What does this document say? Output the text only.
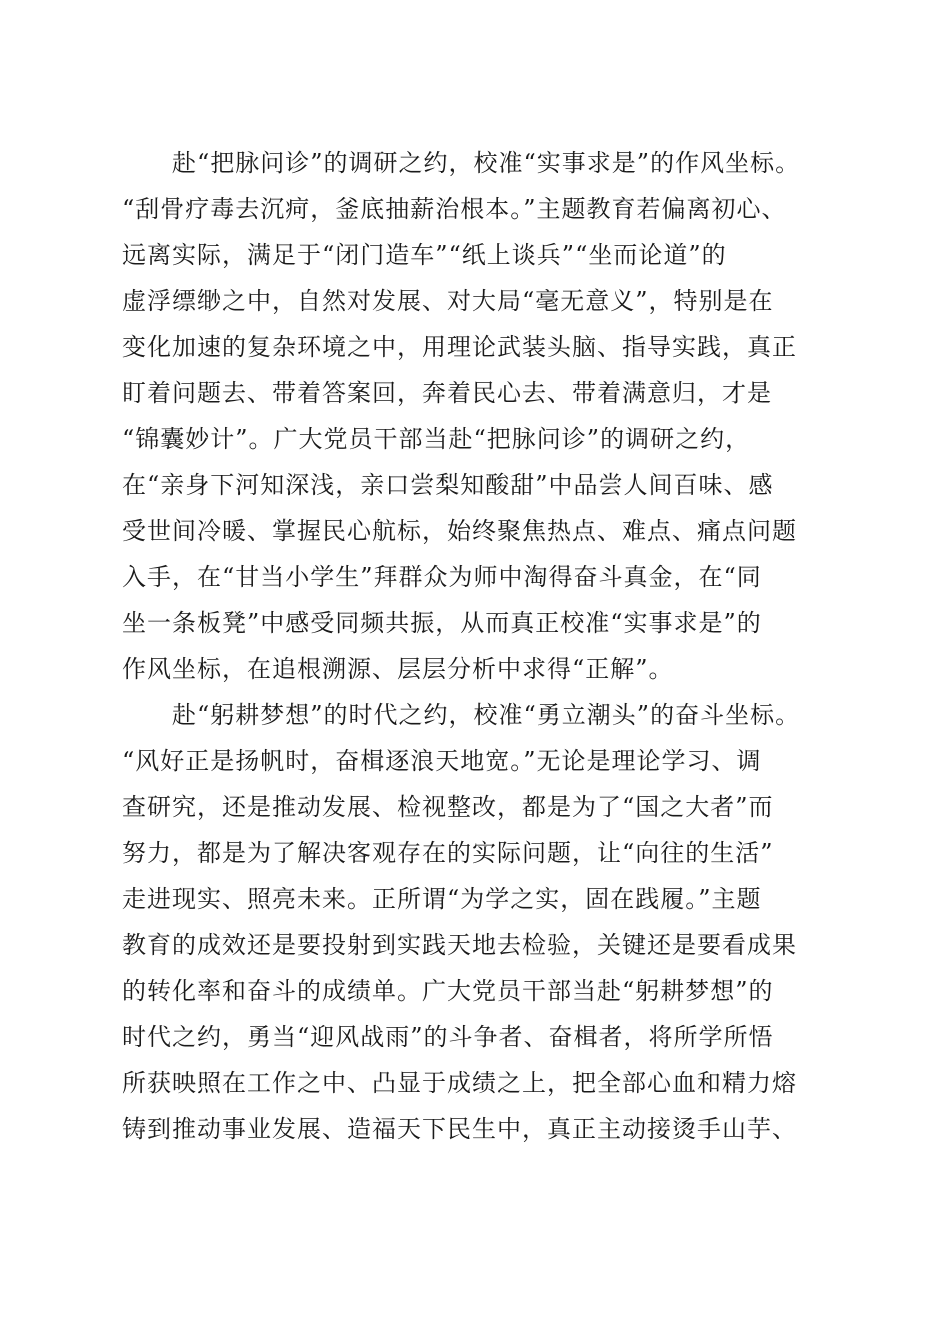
　　赴“把脉问诊”的调研之约，校准“实事求是”的作风坐标。
“刮骨疗毒去沉疴，釜底抽薪治根本。”主题教育若偏离初心、
远离实际，满足于“闭门造车”“纸上谈兵”“坐而论道”的
虚浮缥缈之中，自然对发展、对大局“毫无意义”，特别是在
变化加速的复杂环境之中，用理论武装头脑、指导实践，真正
盯着问题去、带着答案回，奔着民心去、带着满意归，才是
“锦囊妙计”。广大党员干部当赴“把脉问诊”的调研之约，
在“亲身下河知深浅，亲口尝梨知酸甜”中品尝人间百味、感
受世间冷暖、掌握民心航标，始终聚焦热点、难点、痛点问题
入手，在“甘当小学生”拜群众为师中淘得奋斗真金，在“同
坐一条板凳”中感受同频共振，从而真正校准“实事求是”的
作风坐标，在追根溯源、层层分析中求得“正解”。
　　赴“躬耕梦想”的时代之约，校准“勇立潮头”的奋斗坐标。
“风好正是扬帆时，奋楫逐浪天地宽。”无论是理论学习、调
查研究，还是推动发展、检视整改，都是为了“国之大者”而
努力，都是为了解决客观存在的实际问题，让“向往的生活”
走进现实、照亮未来。正所谓“为学之实，固在践履。”主题
教育的成效还是要投射到实践天地去检验，关键还是要看成果
的转化率和奋斗的成绩单。广大党员干部当赴“躬耕梦想”的
时代之约，勇当“迎风战雨”的斗争者、奋楫者，将所学所悟
所获映照在工作之中、凸显于成绩之上，把全部心血和精力熔
铸到推动事业发展、造福天下民生中，真正主动接烫手山芋、
